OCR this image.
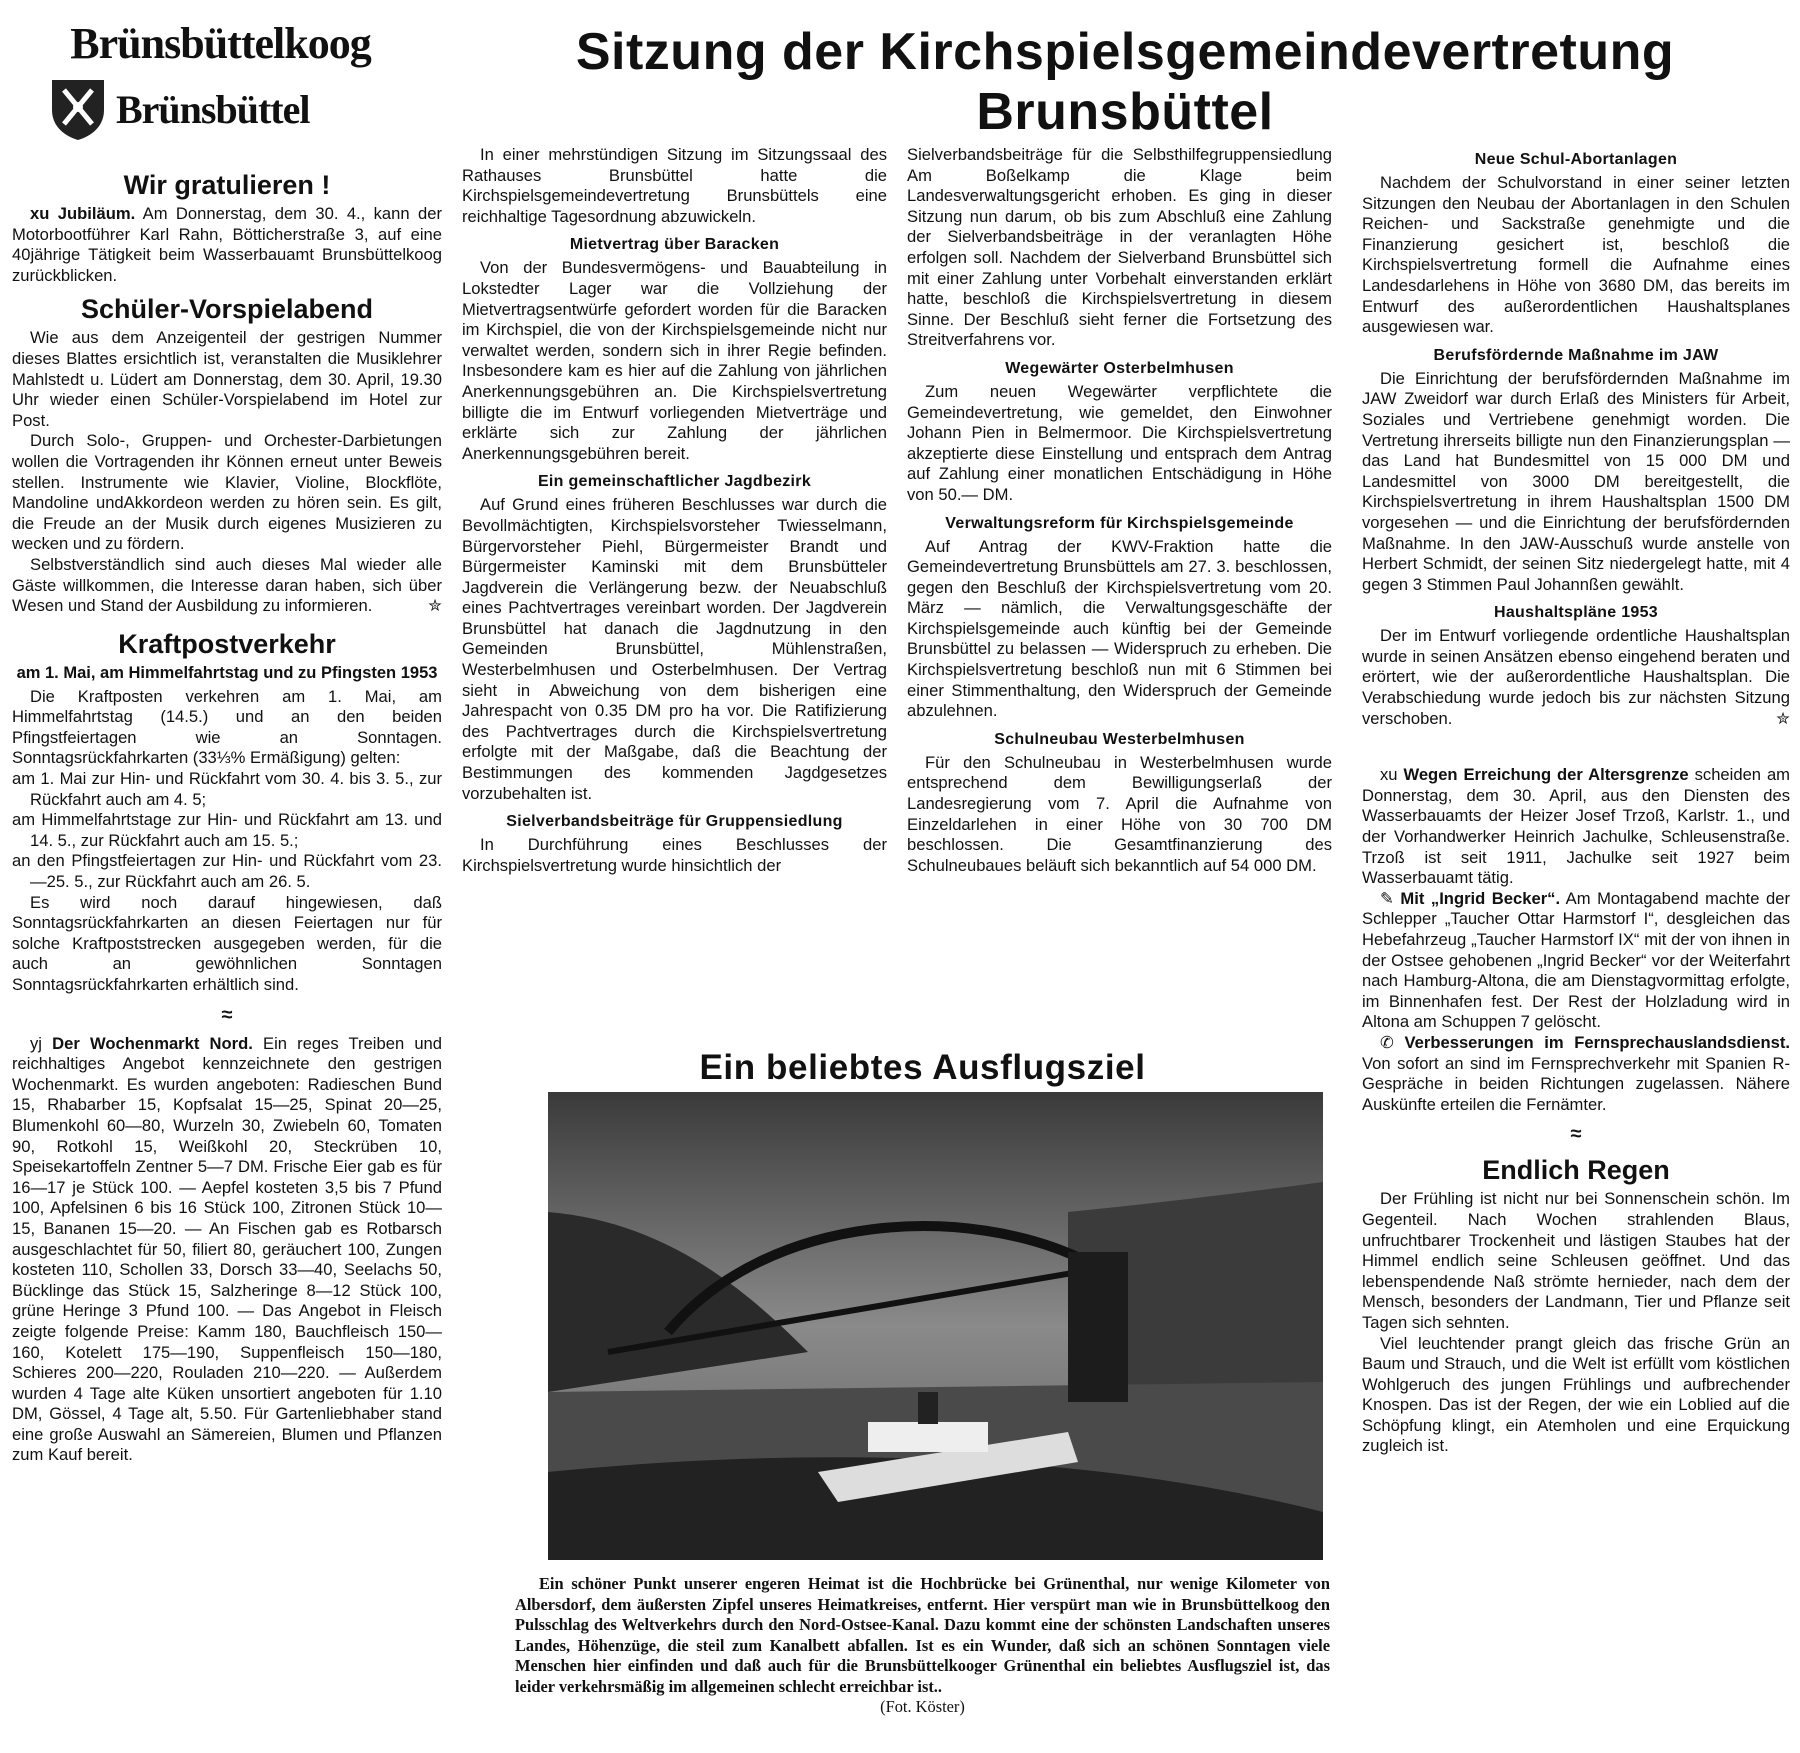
Brünsbüttelkoog
Brünsbüttel
Sitzung der Kirchspielsgemeindevertretung
Brunsbüttel
Wir gratulieren !

xu Jubiläum. Am Donnerstag, dem 30. 4., kann der Motorbootführer Karl Rahn, Bötticherstraße 3, auf eine 40jährige Tätigkeit beim Wasserbauamt Brunsbüttelkoog zurückblicken.

Schüler-Vorspielabend

Wie aus dem Anzeigenteil der gestrigen Nummer dieses Blattes ersichtlich ist, veranstalten die Musiklehrer Mahlstedt u. Lüdert am Donnerstag, dem 30. April, 19.30 Uhr wieder einen Schüler-Vorspielabend im Hotel zur Post.

Durch Solo-, Gruppen- und Orchester-Darbietungen wollen die Vortragenden ihr Können erneut unter Beweis stellen. Instrumente wie Klavier, Violine, Blockflöte, Mandoline undAkkordeon werden zu hören sein. Es gilt, die Freude an der Musik durch eigenes Musizieren zu wecken und zu fördern.

Selbstverständlich sind auch dieses Mal wieder alle Gäste willkommen, die Interesse daran haben, sich über Wesen und Stand der Ausbildung zu informieren.	✮

Kraftpostverkehr
am 1. Mai, am Himmelfahrtstag und zu Pfingsten 1953

Die Kraftposten verkehren am 1. Mai, am Himmelfahrtstag (14.5.) und an den beiden Pfingstfeiertagen wie an Sonntagen. Sonntagsrückfahrkarten (33⅓% Ermäßigung) gelten:

am 1. Mai zur Hin- und Rückfahrt vom 30. 4. bis 3. 5., zur Rückfahrt auch am 4. 5;

am Himmelfahrtstage zur Hin- und Rückfahrt am 13. und 14. 5., zur Rückfahrt auch am 15. 5.;

an den Pfingstfeiertagen zur Hin- und Rückfahrt vom 23.—25. 5., zur Rückfahrt auch am 26. 5.

Es wird noch darauf hingewiesen, daß Sonntagsrückfahrkarten an diesen Feiertagen nur für solche Kraftpoststrecken ausgegeben werden, für die auch an gewöhnlichen Sonntagen Sonntagsrückfahrkarten erhältlich sind.

≈

yj Der Wochenmarkt Nord. Ein reges Treiben und reichhaltiges Angebot kennzeichnete den gestrigen Wochenmarkt. Es wurden angeboten: Radieschen Bund 15, Rhabarber 15, Kopfsalat 15—25, Spinat 20—25, Blumenkohl 60—80, Wurzeln 30, Zwiebeln 60, Tomaten 90, Rotkohl 15, Weißkohl 20, Steckrüben 10, Speisekartoffeln Zentner 5—7 DM. Frische Eier gab es für 16—17 je Stück 100. — Aepfel kosteten 3,5 bis 7 Pfund 100, Apfelsinen 6 bis 16 Stück 100, Zitronen Stück 10—15, Bananen 15—20. — An Fischen gab es Rotbarsch ausgeschlachtet für 50, filiert 80, geräuchert 100, Zungen kosteten 110, Schollen 33, Dorsch 33—40, Seelachs 50, Bücklinge das Stück 15, Salzheringe 8—12 Stück 100, grüne Heringe 3 Pfund 100. — Das Angebot in Fleisch zeigte folgende Preise: Kamm 180, Bauchfleisch 150—160, Kotelett 175—190, Suppenfleisch 150—180, Schieres 200—220, Rouladen 210—220. — Außerdem wurden 4 Tage alte Küken unsortiert angeboten für 1.10 DM, Gössel, 4 Tage alt, 5.50. Für Gartenliebhaber stand eine große Auswahl an Sämereien, Blumen und Pflanzen zum Kauf bereit.

In einer mehrstündigen Sitzung im Sitzungssaal des Rathauses Brunsbüttel hatte die Kirchspielsgemeindevertretung Brunsbüttels eine reichhaltige Tagesordnung abzuwickeln.

Mietvertrag über Baracken

Von der Bundesvermögens- und Bauabteilung in Lokstedter Lager war die Vollziehung der Mietvertragsentwürfe gefordert worden für die Baracken im Kirchspiel, die von der Kirchspielsgemeinde nicht nur verwaltet werden, sondern sich in ihrer Regie befinden. Insbesondere kam es hier auf die Zahlung von jährlichen Anerkennungsgebühren an. Die Kirchspielsvertretung billigte die im Entwurf vorliegenden Mietverträge und erklärte sich zur Zahlung der jährlichen Anerkennungsgebühren bereit.

Ein gemeinschaftlicher Jagdbezirk

Auf Grund eines früheren Beschlusses war durch die Bevollmächtigten, Kirchspielsvorsteher Twiesselmann, Bürgervorsteher Piehl, Bürgermeister Brandt und Bürgermeister Kaminski mit dem Brunsbütteler Jagdverein die Verlängerung bezw. der Neuabschluß eines Pachtvertrages vereinbart worden. Der Jagdverein Brunsbüttel hat danach die Jagdnutzung in den Gemeinden Brunsbüttel, Mühlenstraßen, Westerbelmhusen und Osterbelmhusen. Der Vertrag sieht in Abweichung von dem bisherigen eine Jahrespacht von 0.35 DM pro ha vor. Die Ratifizierung des Pachtvertrages durch die Kirchspielsvertretung erfolgte mit der Maßgabe, daß die Beachtung der Bestimmungen des kommenden Jagdgesetzes vorzubehalten ist.

Sielverbandsbeiträge für Gruppensiedlung

In Durchführung eines Beschlusses der Kirchspielsvertretung wurde hinsichtlich der

Sielverbandsbeiträge für die Selbsthilfegruppensiedlung Am Boßelkamp die Klage beim Landesverwaltungsgericht erhoben. Es ging in dieser Sitzung nun darum, ob bis zum Abschluß eine Zahlung der Sielverbandsbeiträge in der veranlagten Höhe erfolgen soll. Nachdem der Sielverband Brunsbüttel sich mit einer Zahlung unter Vorbehalt einverstanden erklärt hatte, beschloß die Kirchspielsvertretung in diesem Sinne. Der Beschluß sieht ferner die Fortsetzung des Streitverfahrens vor.

Wegewärter Osterbelmhusen

Zum neuen Wegewärter verpflichtete die Gemeindevertretung, wie gemeldet, den Einwohner Johann Pien in Belmermoor. Die Kirchspielsvertretung akzeptierte diese Einstellung und entsprach dem Antrag auf Zahlung einer monatlichen Entschädigung in Höhe von 50.— DM.

Verwaltungsreform für Kirchspielsgemeinde

Auf Antrag der KWV-Fraktion hatte die Gemeindevertretung Brunsbüttels am 27. 3. beschlossen, gegen den Beschluß der Kirchspielsvertretung vom 20. März — nämlich, die Verwaltungsgeschäfte der Kirchspielsgemeinde auch künftig bei der Gemeinde Brunsbüttel zu belassen — Widerspruch zu erheben. Die Kirchspielsvertretung beschloß nun mit 6 Stimmen bei einer Stimmenthaltung, den Widerspruch der Gemeinde abzulehnen.

Schulneubau Westerbelmhusen

Für den Schulneubau in Westerbelmhusen wurde entsprechend dem Bewilligungserlaß der Landesregierung vom 7. April die Aufnahme von Einzeldarlehen in einer Höhe von 30 700 DM beschlossen. Die Gesamtfinanzierung des Schulneubaues beläuft sich bekanntlich auf 54 000 DM.

Neue Schul-Abortanlagen

Nachdem der Schulvorstand in einer seiner letzten Sitzungen den Neubau der Abortanlagen in den Schulen Reichen- und Sackstraße genehmigte und die Finanzierung gesichert ist, beschloß die Kirchspielsvertretung formell die Aufnahme eines Landesdarlehens in Höhe von 3680 DM, das bereits im Entwurf des außerordentlichen Haushaltsplanes ausgewiesen war.

Berufsfördernde Maßnahme im JAW

Die Einrichtung der berufsfördernden Maßnahme im JAW Zweidorf war durch Erlaß des Ministers für Arbeit, Soziales und Vertriebene genehmigt worden. Die Vertretung ihrerseits billigte nun den Finanzierungsplan — das Land hat Bundesmittel von 15 000 DM und Landesmittel von 3000 DM bereitgestellt, die Kirchspielsvertretung in ihrem Haushaltsplan 1500 DM vorgesehen — und die Einrichtung der berufsfördernden Maßnahme. In den JAW-Ausschuß wurde anstelle von Herbert Schmidt, der seinen Sitz niedergelegt hatte, mit 4 gegen 3 Stimmen Paul Johannßen gewählt.

Haushaltspläne 1953

Der im Entwurf vorliegende ordentliche Haushaltsplan wurde in seinen Ansätzen ebenso eingehend beraten und erörtert, wie der außerordentliche Haushaltsplan. Die Verabschiedung wurde jedoch bis zur nächsten Sitzung verschoben.	✮

xu Wegen Erreichung der Altersgrenze scheiden am Donnerstag, dem 30. April, aus den Diensten des Wasserbauamts der Heizer Josef Trzoß, Karlstr. 1., und der Vorhandwerker Heinrich Jachulke, Schleusenstraße. Trzoß ist seit 1911, Jachulke seit 1927 beim Wasserbauamt tätig.

✎ Mit „Ingrid Becker“. Am Montagabend machte der Schlepper „Taucher Ottar Harmstorf I“, desgleichen das Hebefahrzeug „Taucher Harmstorf IX“ mit der von ihnen in der Ostsee gehobenen „Ingrid Becker“ vor der Weiterfahrt nach Hamburg-Altona, die am Dienstagvormittag erfolgte, im Binnenhafen fest. Der Rest der Holzladung wird in Altona am Schuppen 7 gelöscht.

✆ Verbesserungen im Fernsprechauslandsdienst. Von sofort an sind im Fernsprechverkehr mit Spanien R-Gespräche in beiden Richtungen zugelassen. Nähere Auskünfte erteilen die Fernämter.

≈
Endlich Regen

Der Frühling ist nicht nur bei Sonnenschein schön. Im Gegenteil. Nach Wochen strahlenden Blaus, unfruchtbarer Trockenheit und lästigen Staubes hat der Himmel endlich seine Schleusen geöffnet. Und das lebenspendende Naß strömte hernieder, nach dem der Mensch, besonders der Landmann, Tier und Pflanze seit Tagen sich sehnten.

Viel leuchtender prangt gleich das frische Grün an Baum und Strauch, und die Welt ist erfüllt vom köstlichen Wohlgeruch des jungen Frühlings und aufbrechender Knospen. Das ist der Regen, der wie ein Loblied auf die Schöpfung klingt, ein Atemholen und eine Erquickung zugleich ist.

Ein beliebtes Ausflugsziel
Ein schöner Punkt unserer engeren Heimat ist die Hochbrücke bei Grünenthal, nur wenige Kilometer von Albersdorf, dem äußersten Zipfel unseres Heimatkreises, entfernt. Hier verspürt man wie in Brunsbüttelkoog den Pulsschlag des Weltverkehrs durch den Nord-Ostsee-Kanal. Dazu kommt eine der schönsten Landschaften unseres Landes, Höhenzüge, die steil zum Kanalbett abfallen. Ist es ein Wunder, daß sich an schönen Sonntagen viele Menschen hier einfinden und daß auch für die Brunsbüttelkooger Grünenthal ein beliebtes Ausflugsziel ist, das leider verkehrsmäßig im allgemeinen schlecht erreichbar ist..
(Fot. Köster)
